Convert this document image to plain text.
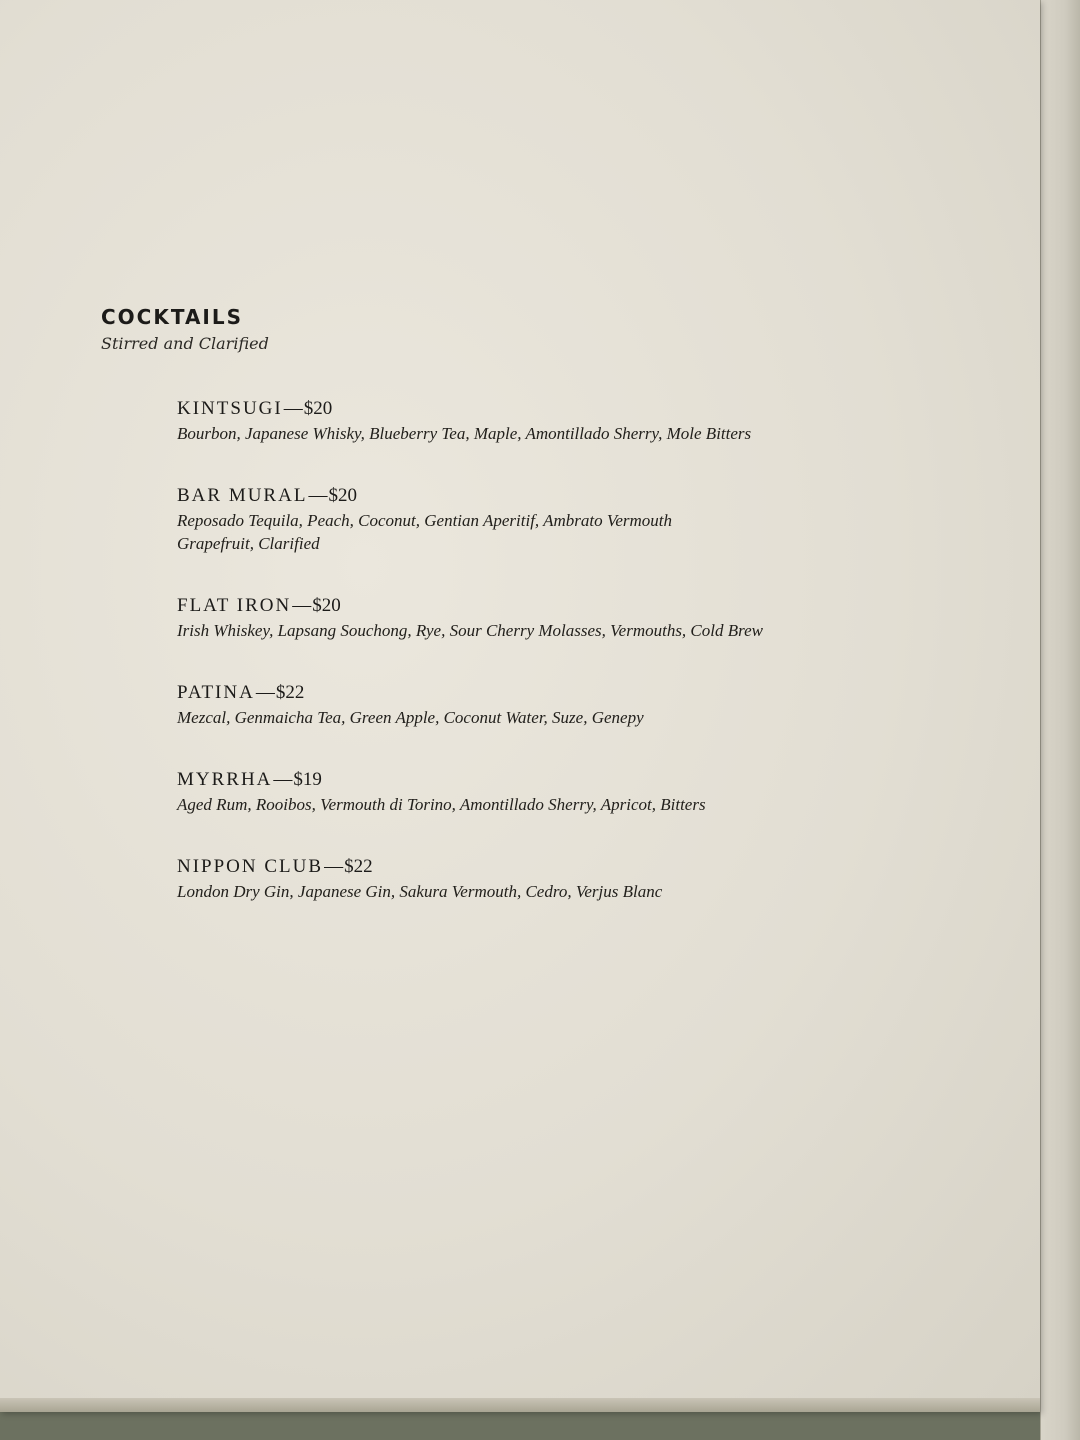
COCKTAILS

Stirred and Clarified

KINTSUGI—$20

Bourbon, Japanese Whisky, Blueberry Tea, Maple, Amontillado Sherry, Mole Bitters

BAR MURAL—$20

Reposado Tequila, Peach, Coconut, Gentian Aperitif, Ambrato Vermouth

Grapefruit, Clarified

FLAT IRON—$20

Irish Whiskey, Lapsang Souchong, Rye, Sour Cherry Molasses, Vermouths, Cold Brew

PATINA—$22

Mezcal, Genmaicha Tea, Green Apple, Coconut Water, Suze, Genepy

MYRRHA—$19

Aged Rum, Rooibos, Vermouth di Torino, Amontillado Sherry, Apricot, Bitters

NIPPON CLUB—$22

London Dry Gin, Japanese Gin, Sakura Vermouth, Cedro, Verjus Blanc
